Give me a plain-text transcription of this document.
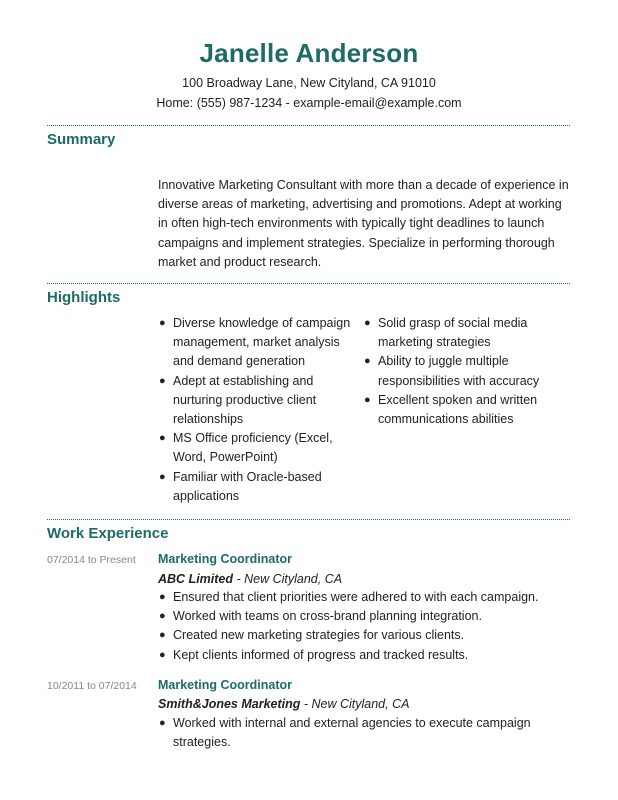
Janelle Anderson
100 Broadway Lane, New Cityland, CA 91010
Home: (555) 987-1234 - example-email@example.com
Summary

Innovative Marketing Consultant with more than a decade of experience in diverse areas of marketing, advertising and promotions. Adept at working in often high-tech environments with typically tight deadlines to launch campaigns and implement strategies. Specialize in performing thorough market and product research.

Highlights
● Diverse knowledge of campaign management, market analysis and demand generation
● Adept at establishing and nurturing productive client relationships
● MS Office proficiency (Excel, Word, PowerPoint)
● Familiar with Oracle-based applications
● Solid grasp of social media marketing strategies
● Ability to juggle multiple responsibilities with accuracy
● Excellent spoken and written communications abilities
Work Experience
07/2014 to Present Marketing Coordinator
ABC Limited - New Cityland, CA
● Ensured that client priorities were adhered to with each campaign.
● Worked with teams on cross-brand planning integration.
● Created new marketing strategies for various clients.
● Kept clients informed of progress and tracked results.
10/2011 to 07/2014 Marketing Coordinator
Smith&Jones Marketing - New Cityland, CA
● Worked with internal and external agencies to execute campaign strategies.
